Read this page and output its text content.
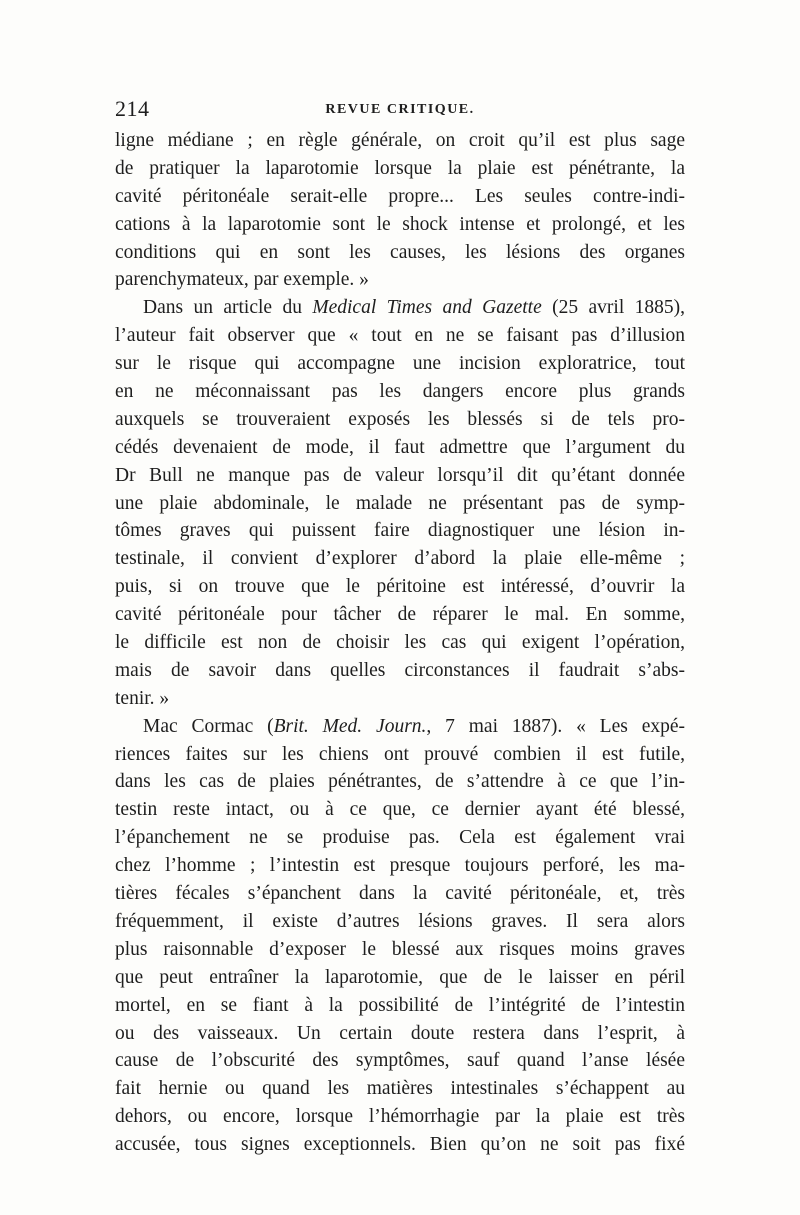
214	REVUE CRITIQUE.
ligne médiane ; en règle générale, on croit qu’il est plus sage
de pratiquer la laparotomie lorsque la plaie est pénétrante, la
cavité péritonéale serait-elle propre... Les seules contre-indi-
cations à la laparotomie sont le shock intense et prolongé, et les
conditions qui en sont les causes, les lésions des organes
parenchymateux, par exemple. »
Dans un article du Medical Times and Gazette (25 avril 1885),
l’auteur fait observer que « tout en ne se faisant pas d’illusion
sur le risque qui accompagne une incision exploratrice, tout
en ne méconnaissant pas les dangers encore plus grands
auxquels se trouveraient exposés les blessés si de tels pro-
cédés devenaient de mode, il faut admettre que l’argument du
Dr Bull ne manque pas de valeur lorsqu’il dit qu’étant donnée
une plaie abdominale, le malade ne présentant pas de symp-
tômes graves qui puissent faire diagnostiquer une lésion in-
testinale, il convient d’explorer d’abord la plaie elle-même ;
puis, si on trouve que le péritoine est intéressé, d’ouvrir la
cavité péritonéale pour tâcher de réparer le mal. En somme,
le difficile est non de choisir les cas qui exigent l’opération,
mais de savoir dans quelles circonstances il faudrait s’abs-
tenir. »
Mac Cormac (Brit. Med. Journ., 7 mai 1887). « Les expé-
riences faites sur les chiens ont prouvé combien il est futile,
dans les cas de plaies pénétrantes, de s’attendre à ce que l’in-
testin reste intact, ou à ce que, ce dernier ayant été blessé,
l’épanchement ne se produise pas. Cela est également vrai
chez l’homme ; l’intestin est presque toujours perforé, les ma-
tières fécales s’épanchent dans la cavité péritonéale, et, très
fréquemment, il existe d’autres lésions graves. Il sera alors
plus raisonnable d’exposer le blessé aux risques moins graves
que peut entraîner la laparotomie, que de le laisser en péril
mortel, en se fiant à la possibilité de l’intégrité de l’intestin
ou des vaisseaux. Un certain doute restera dans l’esprit, à
cause de l’obscurité des symptômes, sauf quand l’anse lésée
fait hernie ou quand les matières intestinales s’échappent au
dehors, ou encore, lorsque l’hémorrhagie par la plaie est très
accusée, tous signes exceptionnels. Bien qu’on ne soit pas fixé
